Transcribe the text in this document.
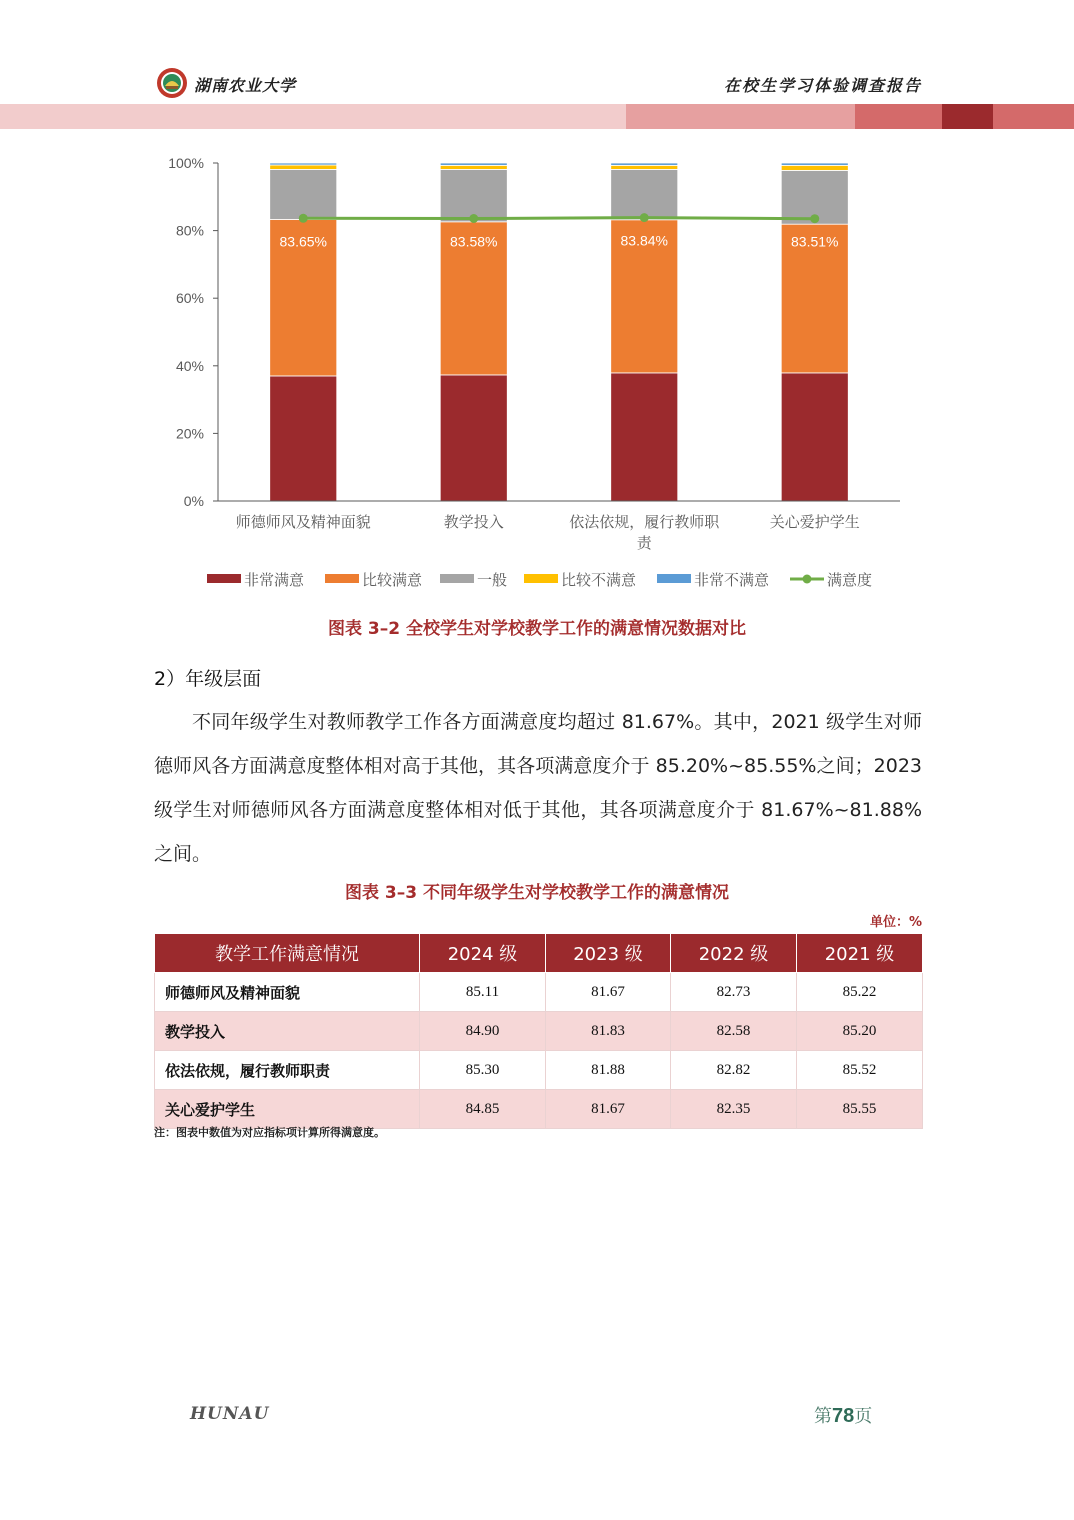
湖南农业大学	在校生学习体验调查报告
0%
20%
40%
60%
80%
100%
师德师风及精神面貌
83.65%
教学投入
83.58%
依法依规，履行教师职
责
83.84%
关心爱护学生
83.51%
非常满意	比较满意	一般	比较不满意	非常不满意	满意度
图表 3–2 全校学生对学校教学工作的满意情况数据对比
2）年级层面

不同年级学生对教师教学工作各方面满意度均超过 81.67%。其中，2021 级学生对师德师风各方面满意度整体相对高于其他，其各项满意度介于 85.20%~85.55%之间；2023 级学生对师德师风各方面满意度整体相对低于其他，其各项满意度介于 81.67%~81.88%之间。

图表 3–3 不同年级学生对学校教学工作的满意情况
单位：%
教学工作满意情况	2024 级	2023 级	2022 级	2021 级
师德师风及精神面貌	85.11	81.67	82.73	85.22
教学投入	84.90	81.83	82.58	85.20
依法依规，履行教师职责	85.30	81.88	82.82	85.52
关心爱护学生	84.85	81.67	82.35	85.55
注：图表中数值为对应指标项计算所得满意度。
HUNAU	第78页
